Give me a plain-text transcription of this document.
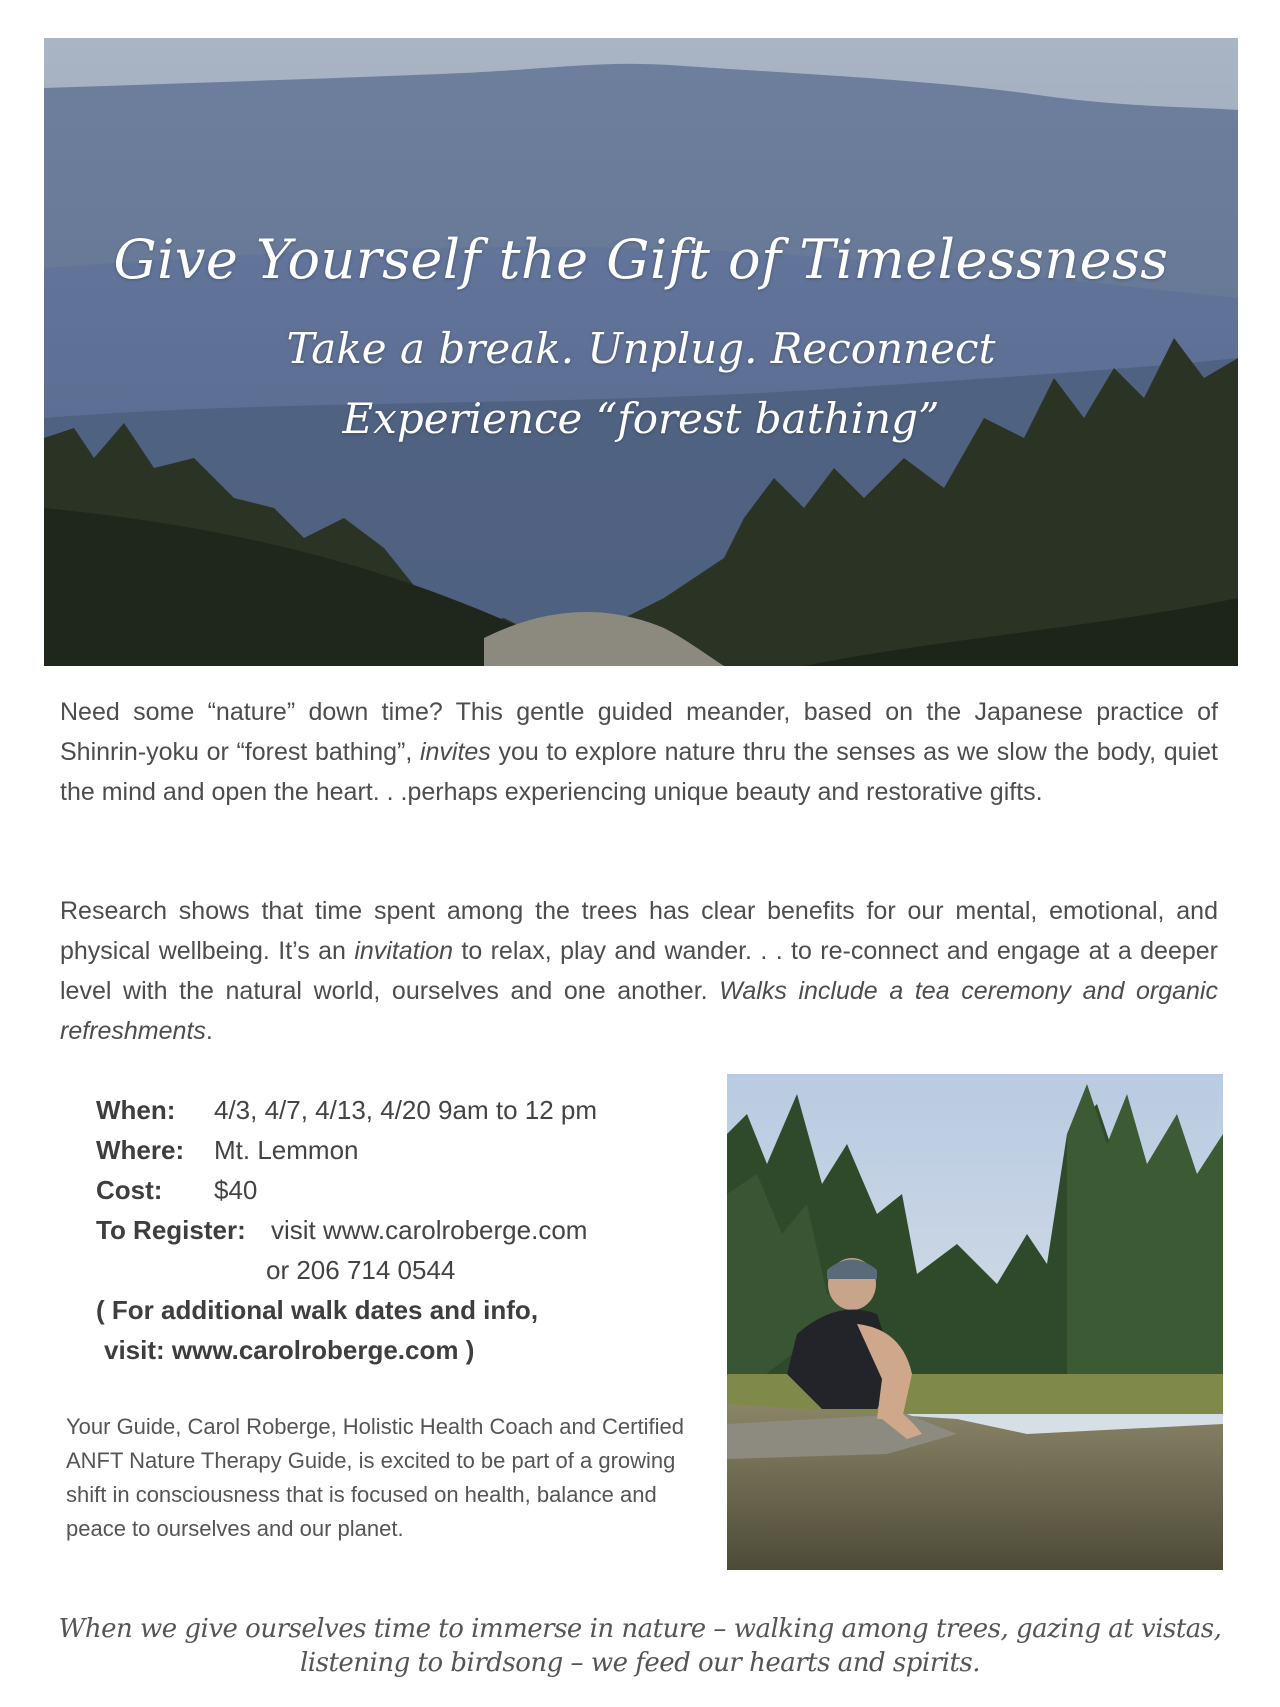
Give Yourself the Gift of Timelessness
Take a break. Unplug. Reconnect
Experience “forest bathing”
Need some “nature” down time? This gentle guided meander, based on the Japanese practice of Shinrin-yoku or “forest bathing”, invites you to explore nature thru the senses as we slow the body, quiet the mind and open the heart. . .perhaps experiencing unique beauty and restorative gifts.
Research shows that time spent among the trees has clear benefits for our mental, emotional, and physical wellbeing. It’s an invitation to relax, play and wander. . . to re-connect and engage at a deeper level with the natural world, ourselves and one another. Walks include a tea ceremony and organic refreshments.
When:	4/3, 4/7, 4/13, 4/20 9am to 12 pm
Where:	Mt. Lemmon
Cost:	$40
To Register: visit www.carolroberge.com
or 206 714 0544
( For additional walk dates and info,
visit: www.carolroberge.com )
Your Guide, Carol Roberge, Holistic Health Coach and Certified ANFT Nature Therapy Guide, is excited to be part of a growing shift in consciousness that is focused on health, balance and peace to ourselves and our planet.
When we give ourselves time to immerse in nature – walking among trees, gazing at vistas,
listening to birdsong – we feed our hearts and spirits.
